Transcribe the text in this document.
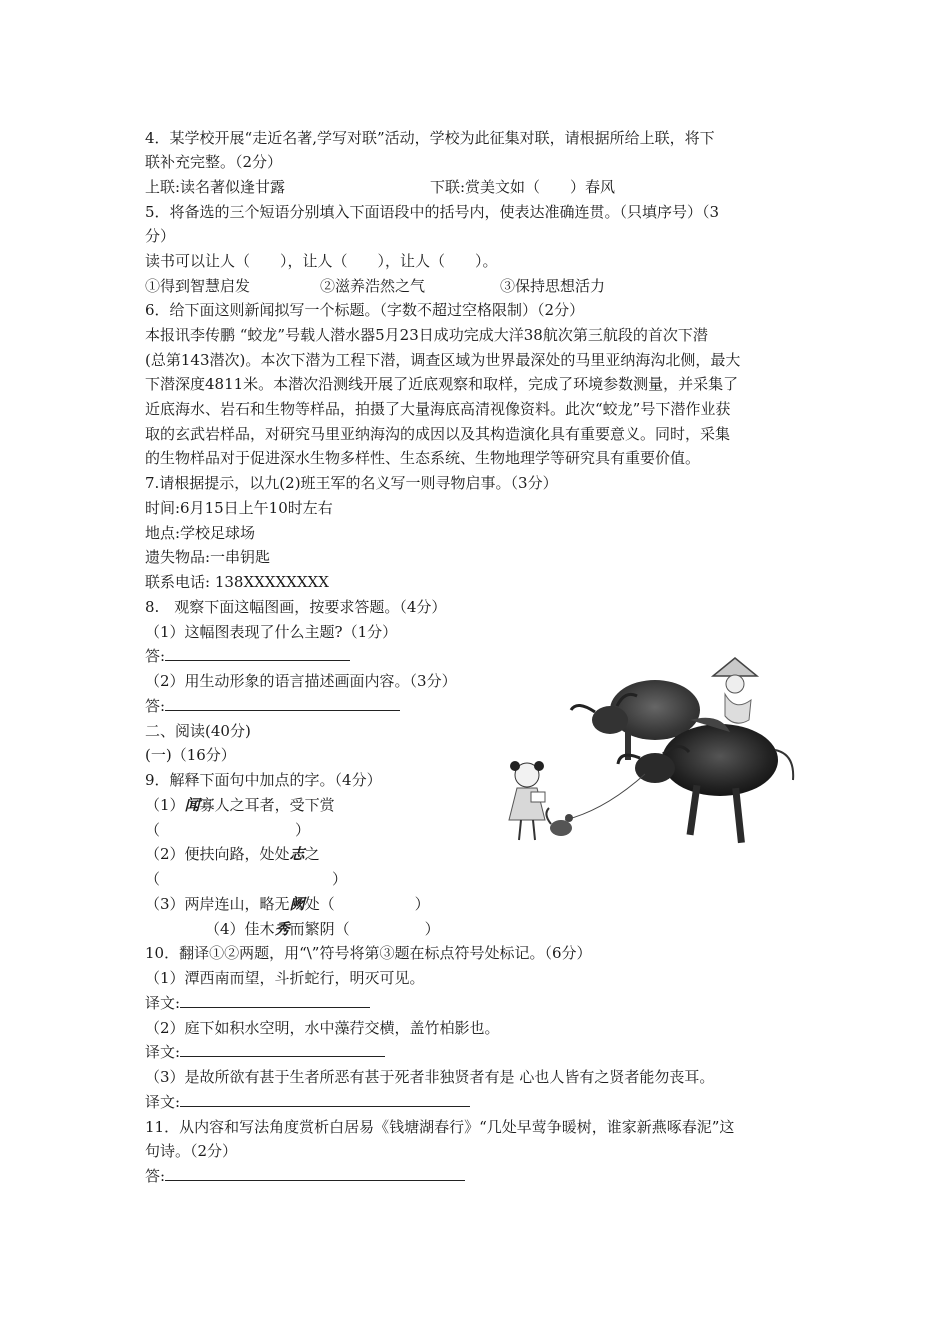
4．某学校开展“走近名著,学写对联”活动，学校为此征集对联，请根据所给上联，将下
联补充完整。（2分）
上联:读名著似逢甘露	下联:赏美文如（　　）春风
5．将备选的三个短语分别填入下面语段中的括号内，使表达准确连贯。（只填序号）（3
分）
读书可以让人（　　），让人（　　），让人（　　）。
①得到智慧启发	②滋养浩然之气	③保持思想活力
6．给下面这则新闻拟写一个标题。（字数不超过空格限制）（2分）
本报讯李传鹏 “蛟龙”号载人潜水器5月23日成功完成大洋38航次第三航段的首次下潜
(总第143潜次)。本次下潜为工程下潜，调查区域为世界最深处的马里亚纳海沟北侧，最大
下潜深度4811米。本潜次沿测线开展了近底观察和取样，完成了环境参数测量，并采集了
近底海水、岩石和生物等样品，拍摄了大量海底高清视像资料。此次“蛟龙”号下潜作业获
取的玄武岩样品，对研究马里亚纳海沟的成因以及其构造演化具有重要意义。同时，采集
的生物样品对于促进深水生物多样性、生态系统、生物地理学等研究具有重要价值。
7.请根据提示，以九(2)班王军的名义写一则寻物启事。（3分）
时间:6月15日上午10时左右
地点:学校足球场
遗失物品:一串钥匙
联系电话: 138XXXXXXXX
8.　观察下面这幅图画，按要求答题。（4分）
（1）这幅图表现了什么主题?（1分）
答:
（2）用生动形象的语言描述画面内容。（3分）
答:
二、阅读(40分)
(一)（16分）
9．解释下面句中加点的字。（4分）
（1）闻寡人之耳者，受下赏
（	）
（2）便扶向路，处处志之
（	）
（3）两岸连山，略无阙处（	）
（4）佳木秀而繁阴（	）
10．翻译①②两题，用“\”符号将第③题在标点符号处标记。（6分）
（1）潭西南而望，斗折蛇行，明灭可见。
译文:
（2）庭下如积水空明，水中藻荇交横，盖竹柏影也。
译文:
（3）是故所欲有甚于生者所恶有甚于死者非独贤者有是 心也人皆有之贤者能勿丧耳。
译文:
11．从内容和写法角度赏析白居易《钱塘湖春行》“几处早莺争暖树，谁家新燕啄春泥”这
句诗。（2分）
答:
